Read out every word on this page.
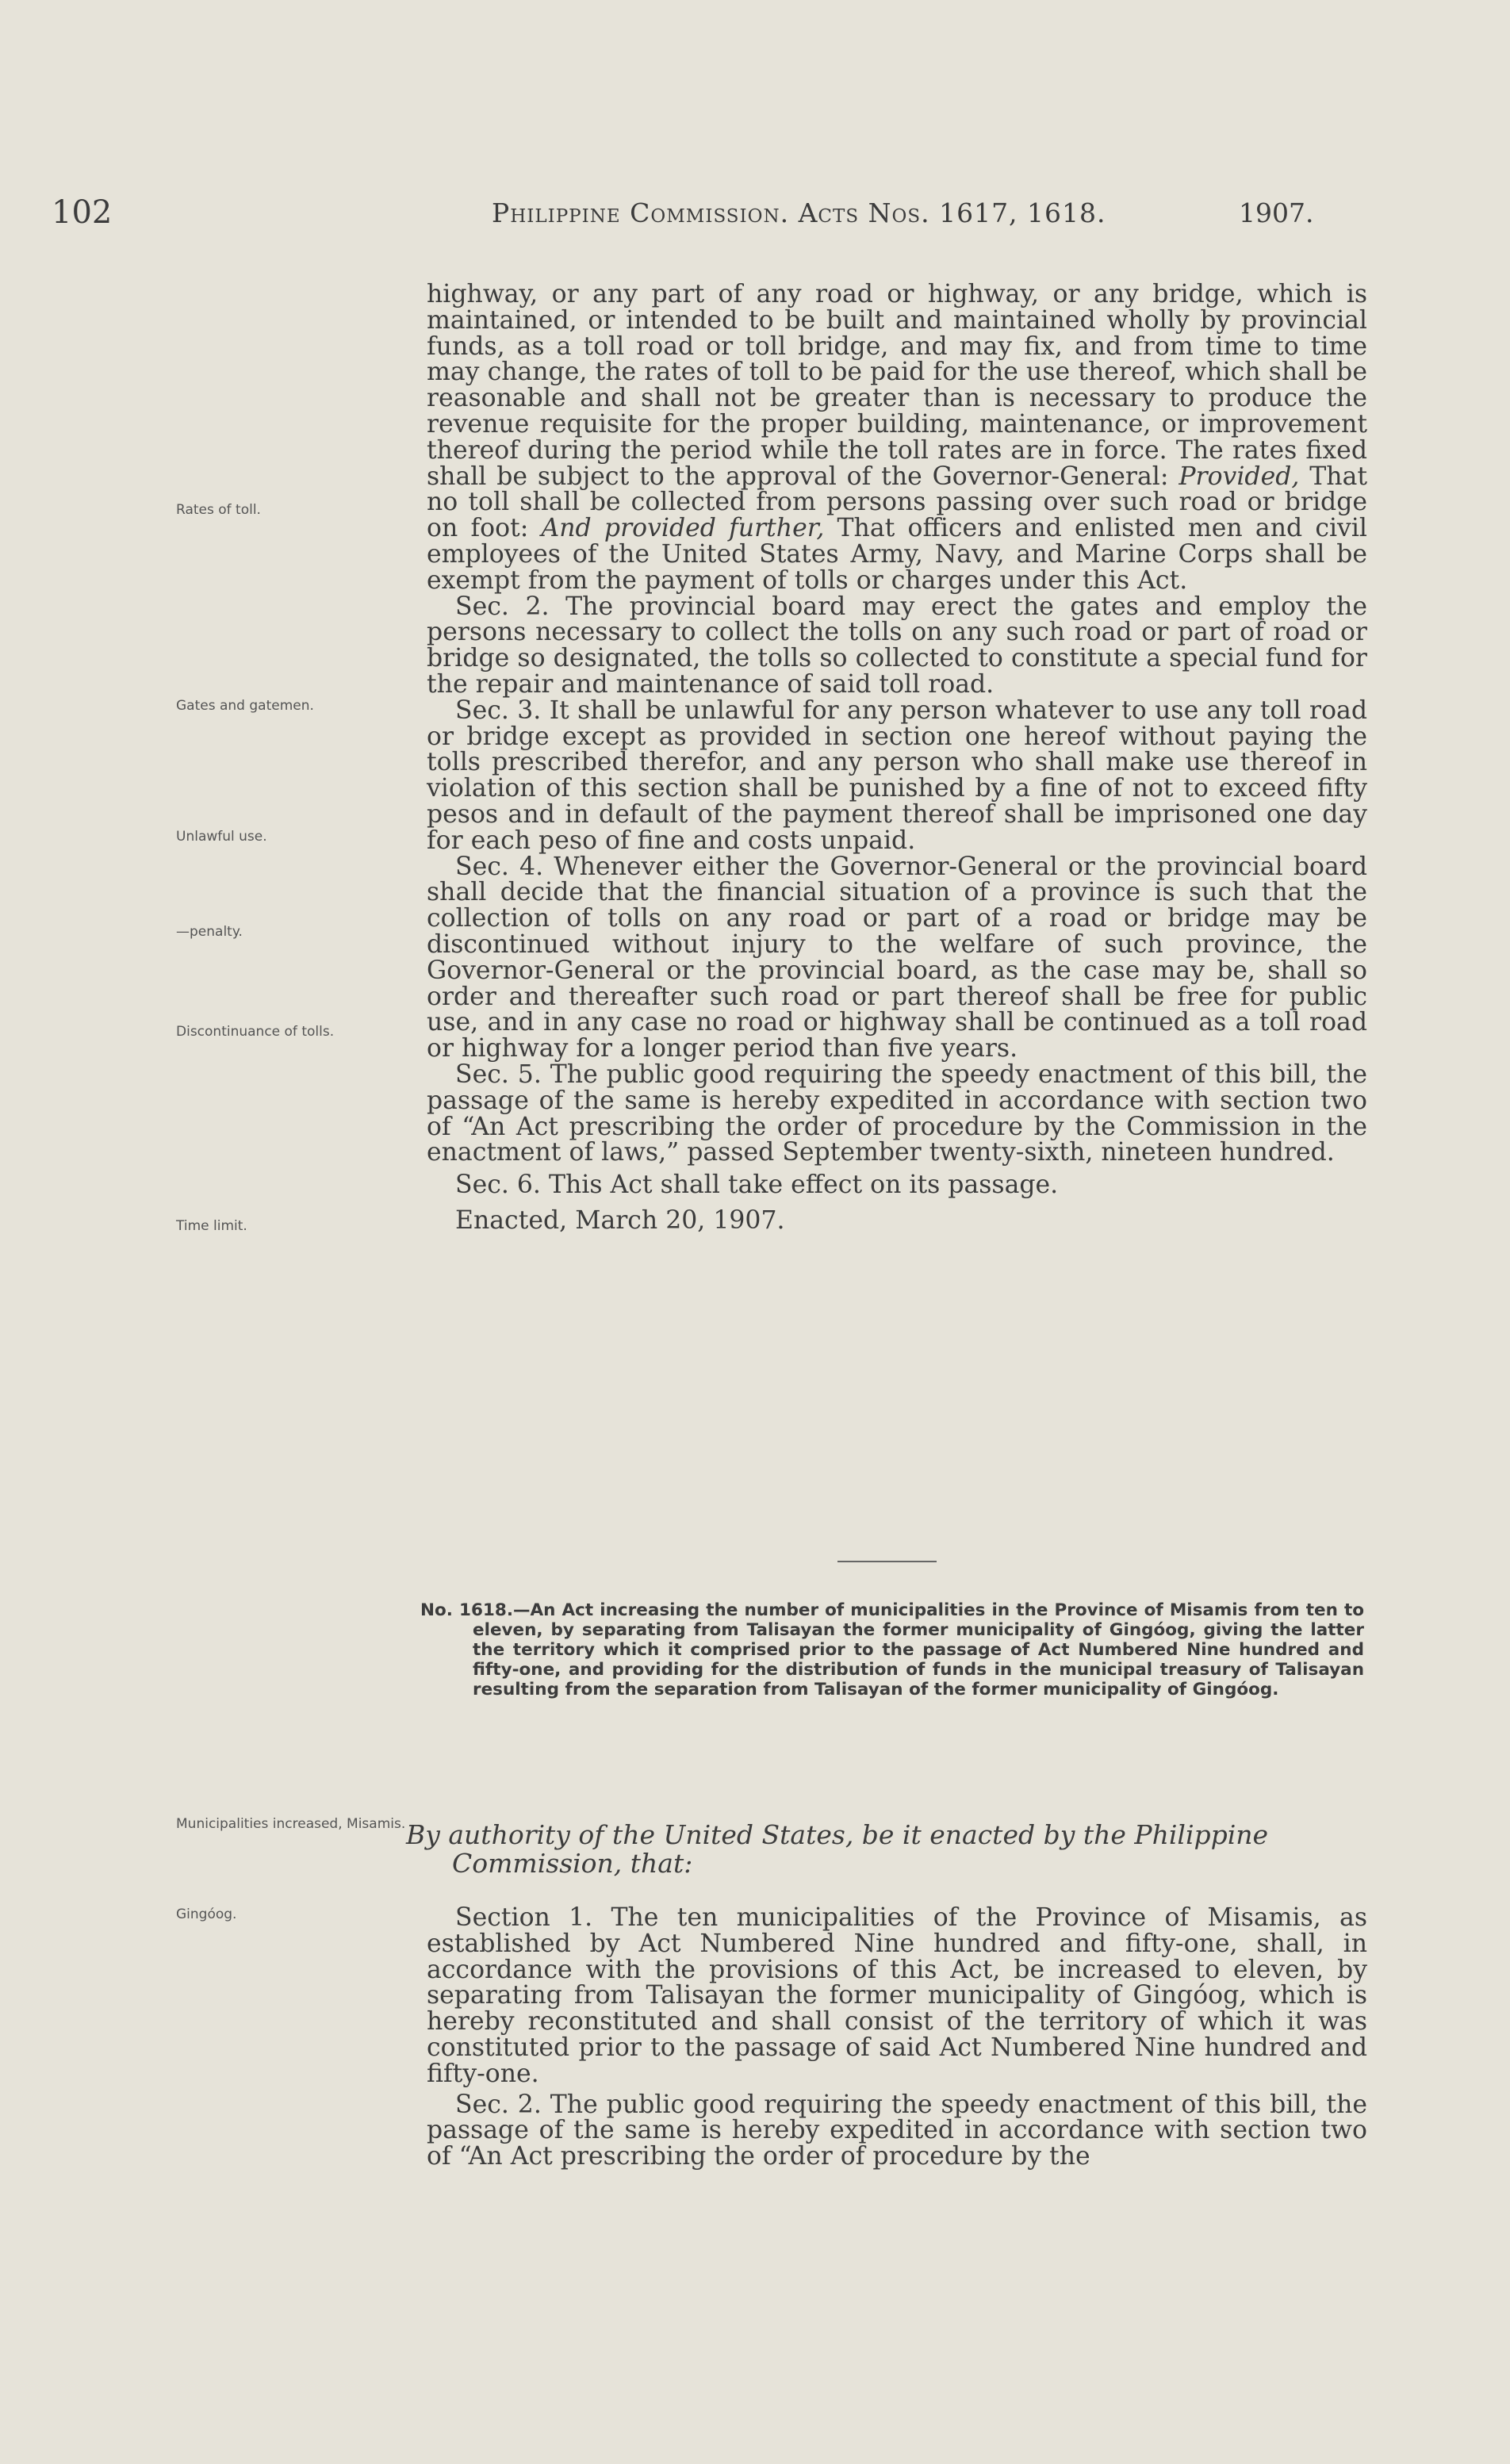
102	Philippine Commission. Acts Nos. 1617, 1618.	1907.

highway, or any part of any road or highway, or any bridge, which is maintained, or intended to be built and maintained wholly by provincial funds, as a toll road or toll bridge, and may fix, and from time to time may change, the rates of toll to be paid for the use thereof, which shall be reasonable and shall not be greater than is necessary to produce the revenue requisite for the proper building, maintenance, or improvement thereof during the period while the toll rates are in force. The rates fixed shall be subject to the approval of the Governor-General: Provided, That no toll shall be collected from persons passing over such road or bridge on foot: And provided further, That officers and enlisted men and civil employees of the United States Army, Navy, and Marine Corps shall be exempt from the payment of tolls or charges under this Act.

Sec. 2. The provincial board may erect the gates and employ the persons necessary to collect the tolls on any such road or part of road or bridge so designated, the tolls so collected to constitute a special fund for the repair and maintenance of said toll road.

Sec. 3. It shall be unlawful for any person whatever to use any toll road or bridge except as provided in section one hereof without paying the tolls prescribed therefor, and any person who shall make use thereof in violation of this section shall be punished by a fine of not to exceed fifty pesos and in default of the payment thereof shall be imprisoned one day for each peso of fine and costs unpaid.

Sec. 4. Whenever either the Governor-General or the provincial board shall decide that the financial situation of a province is such that the collection of tolls on any road or part of a road or bridge may be discontinued without injury to the welfare of such province, the Governor-General or the provincial board, as the case may be, shall so order and thereafter such road or part thereof shall be free for public use, and in any case no road or highway shall be continued as a toll road or highway for a longer period than five years.

Sec. 5. The public good requiring the speedy enactment of this bill, the passage of the same is hereby expedited in accordance with section two of “An Act prescribing the order of procedure by the Commission in the enactment of laws,” passed September twenty-sixth, nineteen hundred.

Sec. 6. This Act shall take effect on its passage.

Enacted, March 20, 1907.

Rates of toll.
Gates and gatemen.
Unlawful use.
—penalty.
Discontinuance of tolls.
Time limit.
Municipalities increased, Misamis.
Gingóog.

No. 1618.—An Act increasing the number of municipalities in the Province of Misamis from ten to eleven, by separating from Talisayan the former municipality of Gingóog, giving the latter the territory which it comprised prior to the passage of Act Numbered Nine hundred and fifty-one, and providing for the distribution of funds in the municipal treasury of Talisayan resulting from the separation from Talisayan of the former municipality of Gingóog.

By authority of the United States, be it enacted by the Philippine Commission, that:

Section 1. The ten municipalities of the Province of Misamis, as established by Act Numbered Nine hundred and fifty-one, shall, in accordance with the provisions of this Act, be increased to eleven, by separating from Talisayan the former municipality of Gingóog, which is hereby reconstituted and shall consist of the territory of which it was constituted prior to the passage of said Act Numbered Nine hundred and fifty-one.

Sec. 2. The public good requiring the speedy enactment of this bill, the passage of the same is hereby expedited in accordance with section two of “An Act prescribing the order of procedure by the
